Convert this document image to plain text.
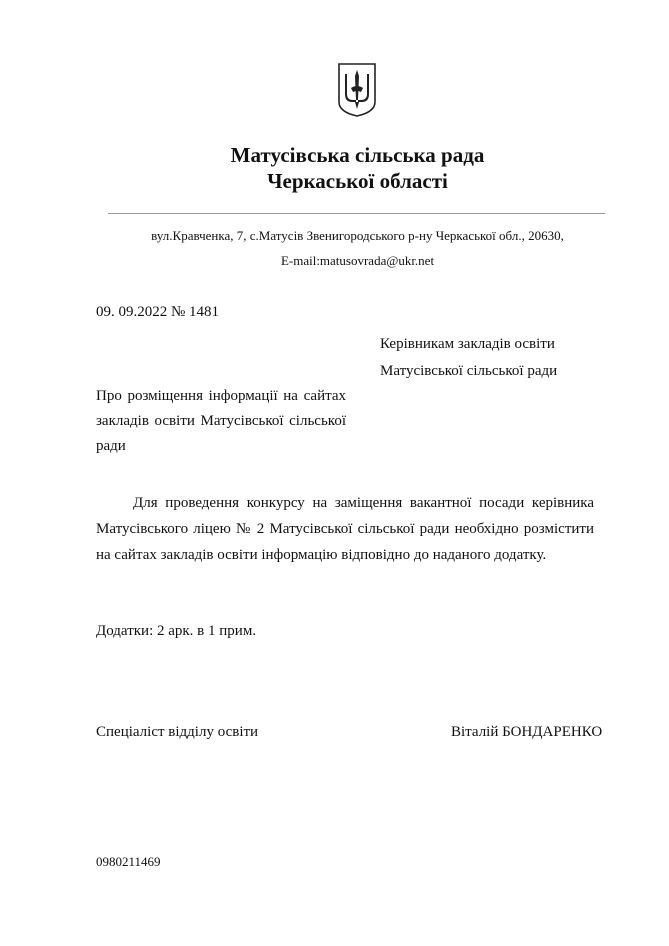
Матусівська сільська рада
Черкаської області
вул.Кравченка, 7, с.Матусів Звенигородського р-ну Черкаської обл., 20630,
E-mail:matusovrada@ukr.net
09. 09.2022 № 1481
Керівникам закладів освіти
Матусівської сільської ради
Про розміщення інформації на сайтах закладів освіти Матусівської сільської ради
Для проведення конкурсу на заміщення вакантної посади керівника Матусівського ліцею № 2 Матусівської сільської ради необхідно розмістити на сайтах закладів освіти інформацію відповідно до наданого додатку.
Додатки: 2 арк. в 1 прим.
Спеціаліст відділу освіти	Віталій БОНДАРЕНКО
0980211469
